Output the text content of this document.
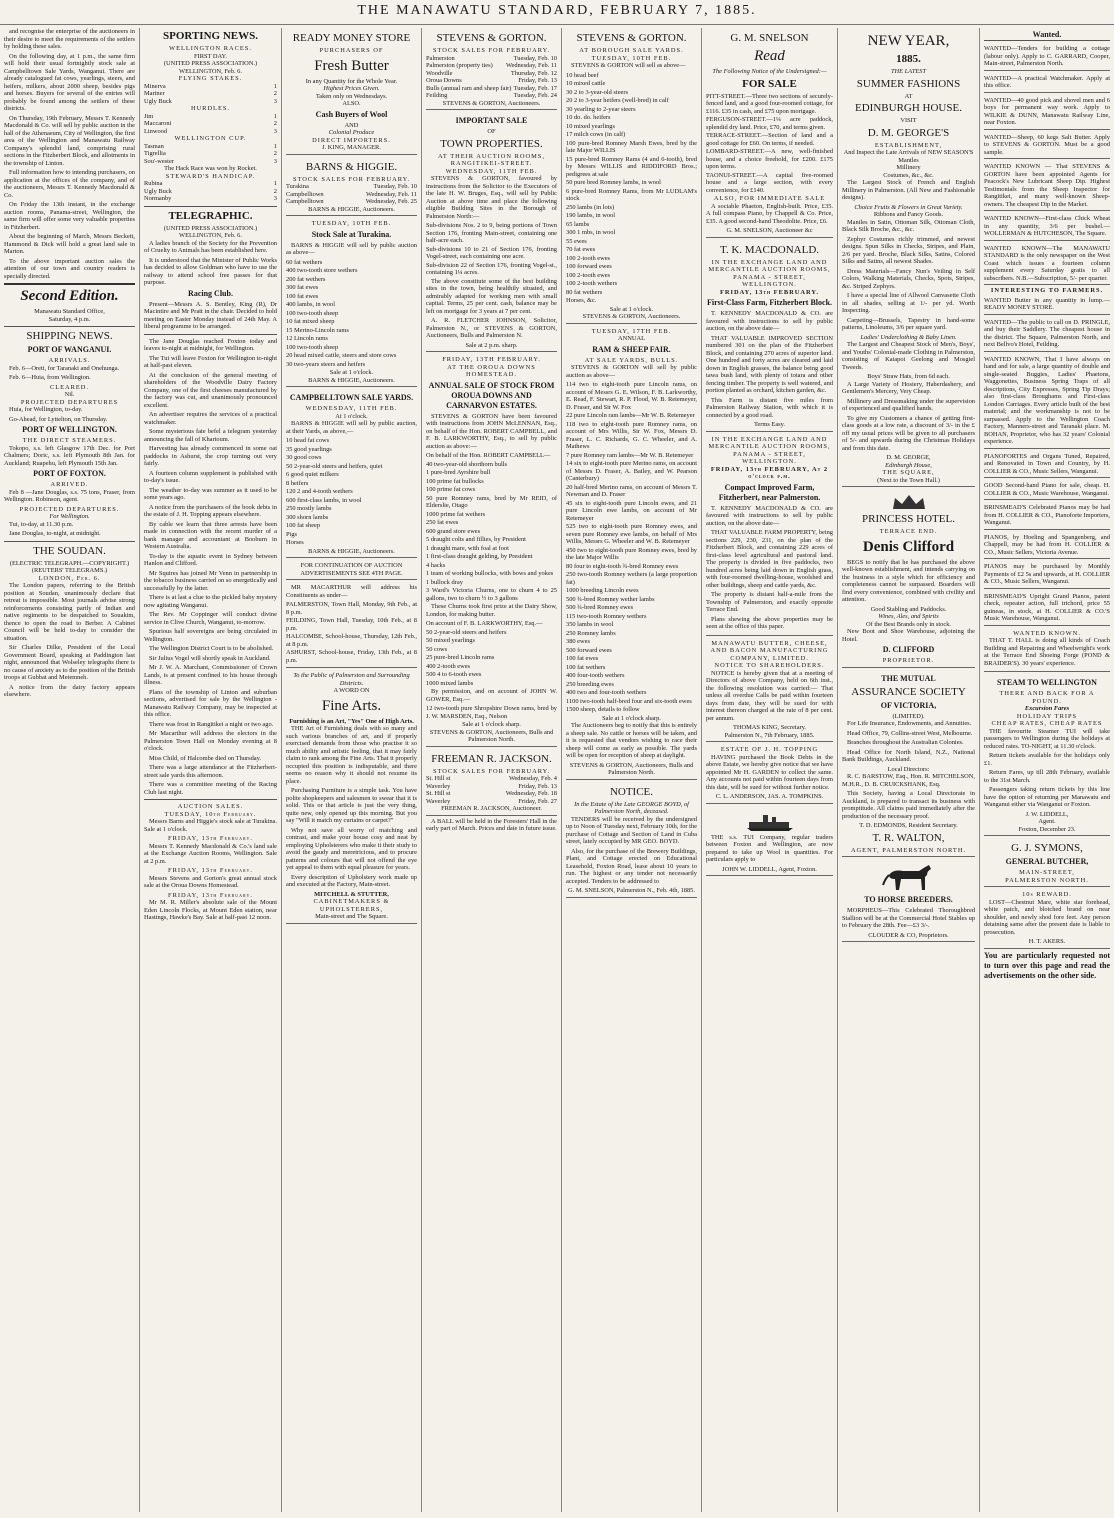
THE MANAWATU STANDARD, FEBRUARY 7, 1885.

and recognise the enterprise of the auctioneers in their desire to meet the requirements of the settlers by holding these sales.

On the following day, at 1 p.m., the same firm will hold their usual fortnightly stock sale at Campbelltown Sale Yards, Wanganui. There are already catalogued fat cows, yearlings, steers, and heifers, milkers, about 2000 sheep, besides pigs and horses. Buyers for several of the entries will probably be found among the settlers of these districts.

On Thursday, 19th February, Messrs T. Kennedy Macdonald & Co. will sell by public auction in the hall of the Athenaeum, City of Wellington, the first area of the Wellington and Manawatu Railway Company's splendid land, comprising rural sections in the Fitzherbert Block, and allotments in the township of Linton.

Full information how to intending purchasers, on application at the offices of the company, and of the auctioneers, Messrs T. Kennedy Macdonald & Co.

On Friday the 13th instant, in the exchange auction rooms, Panama-street, Wellington, the same firm will offer some very valuable properties in Fitzherbert.

About the beginning of March, Messrs Beckett, Hammond & Dick will hold a great land sale in Marton.

To the above important auction sales the attention of our town and country readers is specially directed.

Second Edition.
Manawatu Standard Office,
Saturday, 4 p.m.
SHIPPING NEWS.
PORT OF WANGANUI.
ARRIVALS.

Feb. 6—Oreti, for Taranaki and Onehunga.

Feb. 6—Huia, from Wellington.

CLEARED.
Nil.
PROJECTED DEPARTURES

Huia, for Wellington, to-day.

Go-Ahead, for Lyttelton, on Thursday.

PORT OF WELLINGTON.
THE DIRECT STEAMERS.

Tokopo, s.s. left Glasgow 17th Dec. for Port Chalmers; Doric, s.s. left Plymouth 8th Jan. for Auckland; Ruapehu, left Plymouth 15th Jan.

PORT OF FOXTON.
ARRIVED.

Feb 8 —Jane Douglas, s.s. 75 tons, Fraser, from Wellington. Robinson, agent.

PROJECTED DEPARTURES.
For Wellington.

Tui, to-day, at 11.30 p.m.

Jane Douglas, to-night, at midnight.

THE SOUDAN.
(ELECTRIC TELEGRAPH.—COPYRIGHT.)
(REUTERS' TELEGRAMS.)
LONDON, Feb. 6.

The London papers, referring to the British position at Soudan, unanimously declare that retreat is impossible. Most journals advise strong reinforcements consisting partly of Indian and native regiments to be despatched to Souakim, thence to open the road to Berber. A Cabinet Council will be held to-day to consider the situation.

Sir Charles Dilke, President of the Local Government Board, speaking at Paddington last night, announced that Wolseley telegraphs there is no cause of anxiety as to the position of the British troops at Gubbat and Metemneh.

A notice from the dairy factory appears elsewhere.

SPORTING NEWS.
WELLINGTON RACES.
FIRST DAY.
(UNITED PRESS ASSOCIATION.)
WELLINGTON, Feb. 6.
FLYING STAKES.
Minerva	1
Mariner	2
Ugly Buck	3
HURDLES.
Jim	1
Maccaroni	2
Linwood	3
WELLINGTON CUP.
Tasman	1
Tigrellia	2
Sou'-wester	3
The Hack Race was won by Rocket.
STEWARD'S HANDICAP.
Rubina	1
Ugly Buck	2
Normanby	3
TELEGRAPHIC.
(UNITED PRESS ASSOCIATION.)
WELLINGTON, Feb. 6.

A ladies branch of the Society for the Prevention of Cruelty to Animals has been established here.

It is understood that the Minister of Public Works has decided to allow Goldman who have to use the railway to attend school free passes for that purpose.

Racing Club.

Present—Messrs A. S. Bentley, King (R), Dr Macintire and Mr Pratt in the chair. Decided to hold meeting on Easter Monday instead of 24th May. A liberal programme to be arranged.

The Jane Douglas reached Foxton today and leaves to-night at midnight, for Wellington.

The Tui will leave Foxton for Wellington to-night at half-past eleven.

At the conclusion of the general meeting of shareholders of the Woodville Dairy Factory Company, one of the first cheeses manufactured by the factory was cut, and unanimously pronounced excellent.

An advertiser requires the services of a practical watchmaker.

Some mysterious fate befel a telegram yesterday announcing the fall of Khartoum.

Harvesting has already commenced in some oat paddocks in Ashurst, the crop turning out very fairly.

A fourteen column supplement is published with to-day's issue.

The weather to-day was summer as it used to be some years ago.

A notice from the purchasers of the book debts in the estate of J. H. Topping appears elsewhere.

By cable we learn that three arrests have been made in connection with the recent murder of a bank manager and accountant at Booburn in Western Australia.

To-day is the aquatic event in Sydney between Hanlon and Clifford.

Mr Squires has joined Mr Venn in partnership in the tobacco business carried on so energetically and successfully by the latter.

There is at last a clue to the pickled baby mystery now agitating Wanganui.

The Rev. Mr Coppinger will conduct divine service in Clive Church, Wanganui, to-morrow.

Spurious half sovereigns are being circulated in Wellington.

The Wellington District Court is to be abolished.

Sir Julius Vogel will shortly speak in Auckland.

Mr J. W. A. Marchant, Commissioner of Crown Lands, is at present confined to his house through illness.

Plans of the township of Linton and suburban sections, advertised for sale by the Wellington - Manawatu Railway Company, may be inspected at this office.

There was frost in Rangitikei a night or two ago.

Mr Macarthur will address the electors in the Palmerston Town Hall on Monday evening at 8 o'clock.

Miss Child, of Halcombe died on Thursday.

There was a large attendance at the Fitzherbert-street sale yards this afternoon.

There was a committee meeting of the Racing Club last night.

AUCTION SALES.
TUESDAY, 10th February.

Messrs Barns and Higgie's stock sale at Turakina. Sale at 1 o'clock.

FRIDAY, 13th February.

Messrs T. Kennedy Macdonald & Co.'s land sale at the Exchange Auction Rooms, Wellington. Sale at 2 p.m.

FRIDAY, 13th February.

Messrs Stevens and Gorton's great annual stock sale at the Oroua Downs Homestead.

FRIDAY, 13th February.

Mr M. R. Miller's absolute sale of the Mount Eden Lincoln Flocks, at Mount Eden station, near Hastings, Hawke's Bay. Sale at half-past 12 noon.

READY MONEY STORE
PURCHASERS OF
Fresh Butter
In any Quantity for the Whole Year.
Highest Prices Given.
Taken only on Wednesdays.
ALSO.
Cash Buyers of Wool
AND
Colonial Produce
DIRECT IMPORTERS.
J. KING, MANAGER.
BARNS & HIGGIE.
STOCK SALES FOR FEBRUARY.
Turakina	Tuesday, Feb. 10
Campbelltown	Wednesday, Feb. 11
Campbelltown	Wednesday, Feb. 25
BARNS & HIGGIE, Auctioneers.
TUESDAY, 10TH FEB.
Stock Sale at Turakina.

BARNS & HIGGIE will sell by public auction as above—

60 fat wethers
400 two-tooth store wethers
200 fat wethers
300 fat ewes
100 fat ewes
400 lambs, in wool
100 two-tooth sheep
10 fat mixed sheep
15 Merino-Lincoln rams
12 Lincoln rams
100 two-tooth sheep
20 head mixed cattle, steers and store cows
30 two-years steers and heifers
Sale at 1 o'clock.
BARNS & HIGGIE, Auctioneers.
CAMPBELLTOWN SALE YARDS.
WEDNESDAY, 11TH FEB.
At 1 o'clock.

BARNS & HIGGIE will sell by public auction, at their Yards, as above,—

10 head fat cows
35 good yearlings
30 good cows
50 2-year-old steers and heifers, quiet
6 good quiet milkers
8 heifers
120 2 and 4-tooth wethers
600 first-class lambs, in wool
250 mostly lambs
300 shorn lambs
100 fat sheep
Pigs
Horses
BARNS & HIGGIE, Auctioneers.
FOR CONTINUATION OF AUCTION ADVERTISEMENTS SEE 4TH PAGE.

MR MACARTHUR will address his Constituents as under—

PALMERSTON, Town Hall, Monday, 9th Feb., at 8 p.m.
FEILDING, Town Hall, Tuesday, 10th Feb., at 8 p.m.
HALCOMBE, School-house, Thursday, 12th Feb., at 8 p.m.
ASHURST, School-house, Friday, 13th Feb., at 8 p.m.
To the Public of Palmerston and Surrounding Districts.
A WORD ON
Fine Arts.
Furnishing is an Art, "Yes" One of High Arts.

THE Art of Furnishing deals with so many and such various branches of art, and if properly exercised demands from those who practise it so much ability and artistic feeling, that it may fairly claim to rank among the Fine Arts. That it properly occupied this position is indisputable, and there seems no reason why it should not resume its place.

Purchasing Furniture is a simple task. You have polite shopkeepers and salesmen to swear that it is solid. This or that article is just the very thing, quite new, only opened up this morning. But you say "Will it match my curtains or carpet?"

Why not save all worry of matching and contrast, and make your house cosy and neat by employing Upholsterers who make it their study to avoid the gaudy and meretricious, and to procure patterns and colours that will not offend the eye yet appeal to them with equal pleasure for years.

Every description of Upholstery work made up and executed at the Factory, Main-street.

MITCHELL & STUTTER,
CABINETMAKERS & UPHOLSTERERS,
Main-street and The Square.
STEVENS & GORTON.
STOCK SALES FOR FEBRUARY.
Palmerston	Tuesday, Feb. 10
Palmerston (property ties) Wednesday, Feb. 11
Woodville	Thursday, Feb. 12
Oroua Downs	Friday, Feb. 13
Bulls (annual ram and sheep fair) Tuesday, Feb. 17
Feilding	Tuesday, Feb. 24
STEVENS & GORTON, Auctioneers.
IMPORTANT SALE
OF
TOWN PROPERTIES.
AT THEIR AUCTION ROOMS, RANGITIKEI-STREET.
WEDNESDAY, 11TH FEB.

STEVENS & GORTON, favoured by instructions from the Solicitor to the Executors of the late H. W. Bruges, Esq., will sell by Public Auction at above time and place the following eligible Building Sites in the Borough of Palmerston North:—

Sub-divisions Nos. 2 to 9, being portions of Town Section 176, fronting Main-street, containing one half-acre each.
Sub-divisions 10 to 21 of Section 176, fronting Vogel-street, each containing one acre.
Sub-division 22 of Section 176, fronting Vogel-st., containing 1¼ acres.

The above constitute some of the best building sites in the town, being healthily situated, and admirably adapted for working men with small capital. Terms, 25 per cent. cash, balance may be left on mortgage for 3 years at 7 per cent.

A. R. FLETCHER JOHNSON, Solicitor, Palmerston N., or STEVENS & GORTON, Auctioneers, Bulls and Palmerston N.

Sale at 2 p.m. sharp.
FRIDAY, 13TH FEBRUARY.
AT THE OROUA DOWNS HOMESTEAD.
ANNUAL SALE OF STOCK FROM OROUA DOWNS AND CARNARVON ESTATES.

STEVENS & GORTON have been favoured with instructions from JOHN McLENNAN, Esq., on behalf of the Hon. ROBERT CAMPBELL, and F. B. LARKWORTHY, Esq., to sell by public auction as above:—

On behalf of the Hon. ROBERT CAMPBELL—
40 two-year-old shorthorn bulls
1 pure-bred Ayrshire bull
100 prime fat bullocks
100 prime fat cows
50 pure Romney rams, bred by Mr REID, of Elderslie, Otago
1000 prime fat wethers
250 fat ewes
600 grand store ewes
5 draught colts and fillies, by President
1 draught mare, with foal at foot
1 first-class draught gelding, by President
4 hacks
1 team of working bullocks, with bows and yokes
1 bullock dray
3 Ward's Victoria Churns, one to churn 4 to 25 gallons, two to churn ½ to 3 gallons

These Churns took first prize at the Dairy Show, London, for making butter.

On account of F. B. LARKWORTHY, Esq.—
50 2-year-old steers and heifers
50 mixed yearlings
50 cows
25 pure-bred Lincoln rams
400 2-tooth ewes
500 4 to 6-tooth ewes
1000 mixed lambs

By permission, and on account of JOHN W. GOWER, Esq.—

12 two-tooth pure Shropshire Down rams, bred by J. W. MARSDEN, Esq., Nelson
Sale at 1 o'clock sharp.
STEVENS & GORTON, Auctioneers, Bulls and Palmerston North.
FREEMAN R. JACKSON.
STOCK SALES FOR FEBRUARY.
St. Hill st	Wednesday, Feb. 4
Waverley	Friday, Feb. 13
St. Hill st	Wednesday, Feb. 18
Waverley	Friday, Feb. 27
FREEMAN R. JACKSON, Auctioneer.

A BALL will be held in the Foresters' Hall in the early part of March. Prices and date in future issue.

STEVENS & GORTON.
AT BOROUGH SALE YARDS.
TUESDAY, 10TH FEB.

STEVENS & GORTON will sell as above—

10 head beef
10 mixed cattle
30 2 to 3-year-old steers
20 2 to 3-year heifers (well-bred) in calf
30 yearling to 2-year steers
10 do. do. heifers
10 mixed yearlings
17 milch cows (in calf)
100 pure-bred Romney Marsh Ewes, bred by the late Major WILLIS
15 pure-bred Romney Rams (4 and 6-tooth), bred by Messrs WILLIS and RIDDIFORD Bros.; pedigrees at sale
50 pure bred Romney lambs, in wool
6 pure-bred Romney Rams, from Mr LUDLAM's stock
250 lambs (in lots)
190 lambs, in wool
65 lambs
300 1 mbs, in wool
55 ewes
70 fat ewes
100 2-tooth ewes
100 forward ewes
100 2-tooth ewes
100 2-tooth wethers
80 fat wethers
Horses, &c.
Sale at 1 o'clock.
STEVENS & GORTON, Auctioneers.
TUESDAY, 17TH FEB.
ANNUAL
RAM & SHEEP FAIR.
AT SALE YARDS, BULLS.

STEVENS & GORTON will sell by public auction as above—

114 two to eight-tooth pure Lincoln rams, on account of Messrs G. E. Wilson, F. B. Larkworthy, E. Read, F. Stewart, R. P. Flood, W. B. Retemeyer, D. Fraser, and Sir W. Fox
22 pure Lincoln ram lambs—Mr W. B. Retemeyer
118 two to eight-tooth pure Romney rams, on account of Mrs Willis, Sir W. Fox, Messrs D. Fraser, L. C. Richards, G. C. Wheeler, and A. Mathews
7 pure Romney ram lambs—Mr W. B. Retemeyer
14 six to eight-tooth pure Merino rams, on account of Messrs D. Fraser, A. Bailey, and W. Pearson (Canterbury)
20 half-bred Merino rams, on account of Messrs T. Newman and D. Fraser
45 six to eight-tooth pure Lincoln ewes, and 21 pure Lincoln ewe lambs, on account of Mr Retemeyer
525 two to eight-tooth pure Romney ewes, and seven pure Romney ewe lambs, on behalf of Mrs Willis, Messrs G. Wheeler and W. B. Retemeyer
450 two to eight-tooth pure Romney ewes, bred by the late Major Willis
80 four to eight-tooth ¾-bred Romney ewes
250 two-tooth Romney wethers (a large proportion fat)
1000 breeding Lincoln ewes
500 ¾-bred Romney wether lambs
500 ¾-bred Romney ewes
115 two-tooth Romney wethers
350 lambs in wool
250 Romney lambs
380 ewes
500 forward ewes
100 fat ewes
100 fat wethers
400 four-tooth wethers
250 breeding ewes
400 two and four-tooth wethers
1100 two-tooth half-bred four and six-tooth ewes
1500 sheep, details to follow
Sale at 1 o'clock sharp.

The Auctioneers beg to notify that this is entirely a sheep sale. No cattle or horses will be taken, and it is requested that vendors wishing to race their sheep will come as early as possible. The yards will be open for reception of sheep at daylight.

STEVENS & GORTON, Auctioneers, Bulls and Palmerston North.
NOTICE.
In the Estate of the Late GEORGE BOYD, of Palmerston North, deceased.

TENDERS will be received by the undersigned up to Noon of Tuesday next, February 10th, for the purchase of Cottage and Section of Land in Cuba street, lately occupied by MR GEO. BOYD.

Also, for the purchase of the Brewery Buildings, Plant, and Cottage erected on Educational Leasehold, Foxton Road, lease about 10 years to run. The highest or any tender not necessarily accepted. Tenders to be addressed to

G. M. SNELSON, Palmerston N., Feb. 4th, 1885.
G. M. SNELSON
Read
The Following Notice of the Undersigned:—
FOR SALE
PITT-STREET.—Three two sections of securely-fenced land, and a good four-roomed cottage, for £116. £35 in cash, and £75 upon mortgage.
FERGUSON-STREET.—1¼ acre paddock, splendid dry land. Price, £70, and terms given.
TERRACE-STREET.—Section of land and a good cottage for £60. On terms, if needed.
LOMBARD-STREET.—A new, well-finished house, and a choice freehold, for £200. £175 upon terms.
TAONUI-STREET.—A capital five-roomed house and a large section, with every convenience, for £140.
ALSO, FOR IMMEDIATE SALE

A sociable Phaeton, English-built. Price, £35. A full compass Piano, by Chappell & Co. Price, £35. A good second-hand Theodolite. Price, £6.

G. M. SNELSON, Auctioneer &c
T. K. MACDONALD.
IN THE EXCHANGE LAND AND MERCANTILE AUCTION ROOMS, PANAMA - STREET, WELLINGTON.
FRIDAY, 13th FEBRUARY.
First-Class Farm, Fitzherbert Block.

T. KENNEDY MACDONALD & CO. are favoured with instructions to sell by public auction, on the above date—

THAT VALUABLE IMPROVED SECTION numbered 301 on the plan of the Fitzherbert Block, and containing 270 acres of superior land. One hundred and forty acres are cleared and laid down in English grasses, the balance being good tawa bush land, with plenty of totara and other fencing timber. The property is well watered, and portion planted as orchard, kitchen garden, &c.

This Farm is distant five miles from Palmerston Railway Station, with which it is connected by a good road.

Terms Easy.
IN THE EXCHANGE LAND AND MERCANTILE AUCTION ROOMS, PANAMA - STREET, WELLINGTON.
FRIDAY, 13th FEBRUARY, At 2 o'clock p.m.
Compact Improved Farm, Fitzherbert, near Palmerston.

T. KENNEDY MACDONALD & CO. are favoured with instructions to sell by public auction, on the above date—

THAT VALUABLE FARM PROPERTY, being sections 229, 230, 231, on the plan of the Fitzherbert Block, and containing 229 acres of first-class level agricultural and pastoral land. The property is divided in five paddocks, two hundred acres being laid down in English grass, with four-roomed dwelling-house, woolshed and other buildings, sheep and cattle yards, &c.

The property is distant half-a-mile from the Township of Palmerston, and exactly opposite Terrace End.

Plans shewing the above properties may be seen at the office of this paper.

MANAWATU BUTTER, CHEESE, AND BACON MANUFACTURING COMPANY, LIMITED.
NOTICE TO SHAREHOLDERS.

NOTICE is hereby given that at a meeting of Directors of above Company, held on 6th inst., the following resolution was carried:— That unless all overdue Calls be paid within fourteen days from date, they will be sued for with interest thereon charged at the rate of 8 per cent. per annum.

THOMAS KING, Secretary.
Palmerston N., 7th February, 1885.
ESTATE OF J. H. TOPPING

HAVING purchased the Book Debts in the above Estate, we hereby give notice that we have appointed Mr H. GARDEN to collect the same. Any accounts not paid within fourteen days from this date, will be sued for without further notice.

C. L. ANDERSON, JAS. A. TOMPKINS.

THE s.s. TUI Company, regular traders between Foxton and Wellington, are now prepared to take up Wool in quantities. For particulars apply to

JOHN W. LIDDELL, Agent, Foxton.
NEW YEAR,
1885.
THE LATEST
SUMMER FASHIONS
AT
EDINBURGH HOUSE.
VISIT
D. M. GEORGE'S
ESTABLISHMENT,
And Inspect the Late Arrivals of NEW SEASON'S
Mantles
Millinery
Costumes, &c., &c.

The Largest Stock of French and English Millinery in Palmerston. (All New and Fashionable designs).

Choice Fruits & Flowers in Great Variety.
Ribbons and Fancy Goods.

Mantles in Satin, Ottoman Silk, Ottoman Cloth, Black Silk Broche, &c., &c.

Zephyr Costumes richly trimmed, and newest designs. Spun Silks in Checks, Stripes, and Plain, 2/6 per yard. Broche, Black Silks, Satins, Colored Silks and Satins, all newest Shades.

Dress Materials—Fancy Nun's Veiling in Self Colors, Walking Materials, Checks, Spots, Stripes, &c. Striped Zephyrs.

I have a special line of Allwool Canvasette Cloth in all shades, selling at 1/- per yd. Worth Inspecting.

Carpeting—Brussels, Tapestry in hand-some patterns, Linoleums, 3/6 per square yard.

Ladies' Underclothing & Baby Linen.

The Largest and Cheapest Stock of Men's, Boys', and Youths' Colonial-made Clothing in Palmerston, consisting of Kaiapoi Geelong and Mosgiel Tweeds.

Boys' Straw Hats, from 6d each.

A Large Variety of Hosiery, Haberdashery, and Gentlemen's Mercery, Very Cheap.

Millinery and Dressmaking under the supervision of experienced and qualified hands.

To give my Customers a chance of getting first-class goods at a low rate, a discount of 3/- in the £ off my usual prices will be given to all purchasers of 5/- and upwards during the Christmas Holidays and from this date.

D. M. GEORGE,
Edinburgh House,
THE SQUARE,
(Next to the Town Hall.)
PRINCESS HOTEL.
TERRACE END.
Denis Clifford

BEGS to notify that he has purchased the above well-known establishment, and intends carrying on the business in a style which for efficiency and completeness cannot be surpassed. Boarders will find every convenience, combined with civility and attention.

Good Stabling and Paddocks.
Wines, Ales, and Spirits
Of the Best Brands only in stock.

New Boot and Shoe Warehouse, adjoining the Hotel.

D. CLIFFORD
PROPRIETOR.
THE MUTUAL
ASSURANCE SOCIETY
OF VICTORIA,
(LIMITED).

For Life Insurance, Endowments, and Annuities.

Head Office, 79, Collins-street West, Melbourne.

Branches throughout the Australian Colonies.

Head Office for North Island, N.Z., National Bank Buildings, Auckland.

Local Directors:

R. C. BARSTOW, Esq., Hon. R. MITCHELSON, M.H.R., D. B. CRUICKSHANK, Esq.

This Society, having a Local Directorate in Auckland, is prepared to transact its business with promptitude. All claims paid immediately after the production of the necessary proof.

T. D. EDMONDS, Resident Secretary.
T. R. WALTON,
AGENT, PALMERSTON NORTH.
TO HORSE BREEDERS.

MORPHEUS—This Celebrated Thoroughbred Stallion will be at the Commercial Hotel Stables up to February the 28th. Fee—£3 3/-.

CLOUDER & CO, Proprietors.
Wanted.
WANTED—Tenders for building a cottage (labour only). Apply to C. GARRARD, Cooper, Main-street, Palmerston North.
WANTED—A practical Watchmaker. Apply at this office.
WANTED—40 good pick and shovel men and 6 boys for permanent way work. Apply to WILKIE & DUNN, Manawatu Railway Line, near Foxton.
WANTED—Sheep, 60 kegs Salt Butter. Apply to STEVENS & GORTON. Must be a good sample.
WANTED KNOWN — That STEVENS & GORTON have been appointed Agents for Peacock's New Lubricant Sheep Dip. Highest Testimonials from the Sheep Inspector for Rangitikei, and many well-known Sheep-owners. The cheapest Dip in the Market.
WANTED KNOWN—First-class Chick Wheat in any quantity, 3/6 per bushel.—WOLLERMAN & HUTCHESON, The Square.
WANTED KNOWN—The MANAWATU STANDARD is the only newspaper on the West Coast which issues a fourteen column supplement every Saturday gratis to all subscribers. N.B.—Subscription, 5/- per quarter.
INTERESTING TO FARMERS.
WANTED Butter in any quantity in lump.—READY MONEY STORE.
WANTED—The public to call on D. PRINGLE, and buy their Saddlery. The cheapest house in the district. The Square, Palmerston North, and next Bellvo's Hotel, Feilding.
WANTED KNOWN, That I have always on hand and for sale, a large quantity of double and single-seated Buggies, Ladies' Phaetons, Waggonettes, Business Spring Traps of all descriptions, City Expresses, Spring Tip Drays; also first-class Broughams and First-class London Carriages. Every article built of the best material; and the workmanship is not to be surpassed. Apply to the Wellington Coach Factory, Manners-street and Taranaki place. M. BOHAN, Proprietor, who has 32 years' Colonial experience.
PIANOFORTES and Organs Tuned, Repaired, and Renovated in Town and Country, by H. COLLIER & CO., Music Sellers, Wanganui.
GOOD Second-hand Piano for sale, cheap. H. COLLIER & CO., Music Warehouse, Wanganui.
BRINSMEAD'S Celebrated Pianos may be had from H. COLLIER & CO., Pianoforte Importers, Wanganui.
PIANOS, by Hoeling and Spangenberg, and Chappell, may be had from H. COLLIER & CO., Music Sellers, Victoria Avenue.
PIANOS may be purchased by Monthly Payments of £2 5s and upwards, at H. COLLIER & CO., Music Sellers, Wanganui.
BRINSMEAD'S Upright Grand Pianos, patent check, repeater action, full trichord, price 55 guineas, in stock, at H. COLLIER & CO.'S Music Warehouse, Wanganui.
WANTED KNOWN.

THAT T. HALL is doing all kinds of Coach Building and Repairing and Wheelwright's work at the Terrace End Shoeing Forge (POND & BRAIDER'S). 30 years' experience.

STEAM TO WELLINGTON
THERE AND BACK FOR A POUND.
Excursion Fares
HOLIDAY TRIPS
CHEAP RATES, CHEAP RATES

THE favourite Steamer TUI will take passengers to Wellington during the holidays at reduced rates. TO-NIGHT, at 11.30 o'clock.

Return tickets available for the holidays only £1.

Return Fares, up till 28th February, available to the 31st March.

Passengers taking return tickets by this line have the option of returning per Manawatu and Wanganui either via Wanganui or Foxton.

J. W. LIDDELL,
Agent.
Foxton, December 23.
G. J. SYMONS,
GENERAL BUTCHER,
MAIN-STREET,
PALMERSTON NORTH.
10s REWARD.

LOST—Chestnut Mare, white star forehead, white patch, and blotched brand on near shoulder, and newly shod fore feet. Any person detaining same after the present date is liable to prosecution.

H. T. AKERS.
You are particularly requested not to turn over this page and read the advertisements on the other side.
